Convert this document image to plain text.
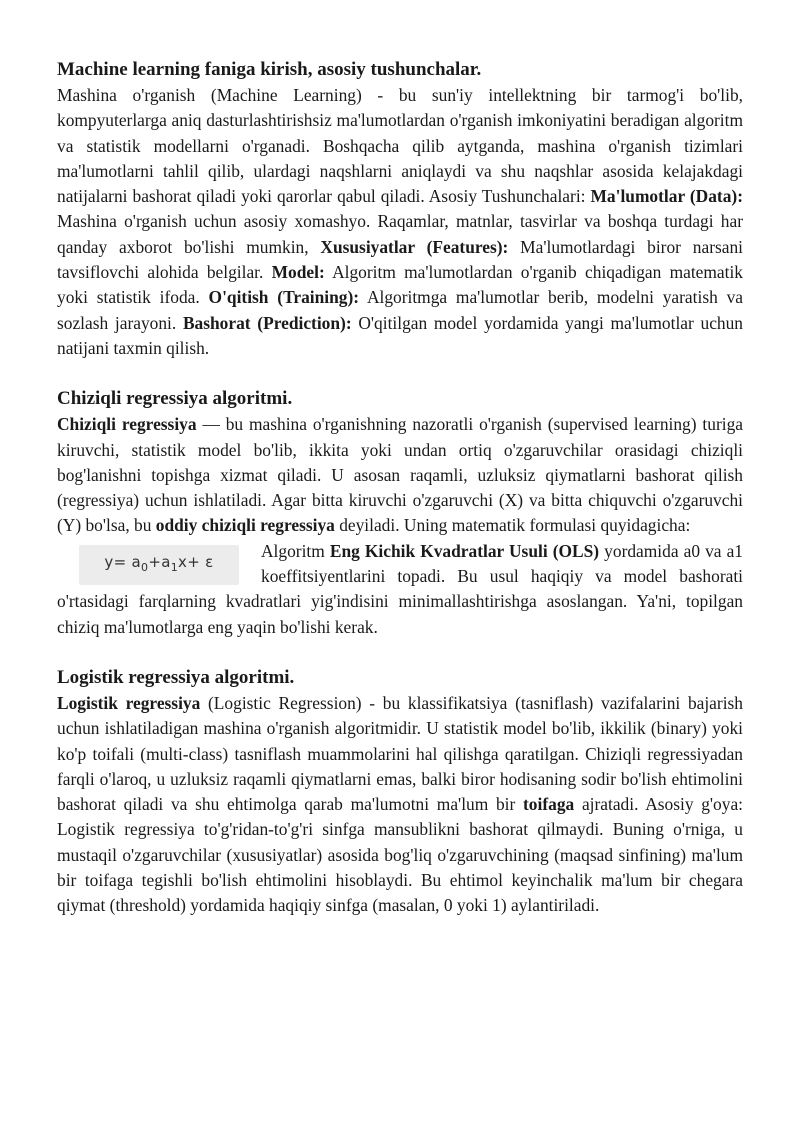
Machine learning faniga kirish, asosiy tushunchalar.

Mashina o'rganish (Machine Learning) - bu sun'iy intellektning bir tarmog'i bo'lib, kompyuterlarga aniq dasturlashtirishsiz ma'lumotlardan o'rganish imkoniyatini beradigan algoritm va statistik modellarni o'rganadi. Boshqacha qilib aytganda, mashina o'rganish tizimlari ma'lumotlarni tahlil qilib, ulardagi naqshlarni aniqlaydi va shu naqshlar asosida kelajakdagi natijalarni bashorat qiladi yoki qarorlar qabul qiladi. Asosiy Tushunchalari: Ma'lumotlar (Data): Mashina o'rganish uchun asosiy xomashyo. Raqamlar, matnlar, tasvirlar va boshqa turdagi har qanday axborot bo'lishi mumkin, Xususiyatlar (Features): Ma'lumotlardagi biror narsani tavsiflovchi alohida belgilar. Model: Algoritm ma'lumotlardan o'rganib chiqadigan matematik yoki statistik ifoda. O'qitish (Training): Algoritmga ma'lumotlar berib, modelni yaratish va sozlash jarayoni. Bashorat (Prediction): O'qitilgan model yordamida yangi ma'lumotlar uchun natijani taxmin qilish.

Chiziqli regressiya algoritmi.

Chiziqli regressiya — bu mashina o'rganishning nazoratli o'rganish (supervised learning) turiga kiruvchi, statistik model bo'lib, ikkita yoki undan ortiq o'zgaruvchilar orasidagi chiziqli bog'lanishni topishga xizmat qiladi. U asosan raqamli, uzluksiz qiymatlarni bashorat qilish (regressiya) uchun ishlatiladi. Agar bitta kiruvchi o'zgaruvchi (X) va bitta chiquvchi o'zgaruvchi (Y) bo'lsa, bu oddiy chiziqli regressiya deyiladi. Uning matematik formulasi quyidagicha:

$y= a_0+a_1x+ \varepsilon$
Algoritm Eng Kichik Kvadratlar Usuli (OLS) yordamida a0 va a1 koeffitsiyentlarini topadi. Bu usul haqiqiy va model bashorati o'rtasidagi farqlarning kvadratlari yig'indisini minimallashtirishga asoslangan. Ya'ni, topilgan chiziq ma'lumotlarga eng yaqin bo'lishi kerak.

Logistik regressiya algoritmi.

Logistik regressiya (Logistic Regression) - bu klassifikatsiya (tasniflash) vazifalarini bajarish uchun ishlatiladigan mashina o'rganish algoritmidir. U statistik model bo'lib, ikkilik (binary) yoki ko'p toifali (multi-class) tasniflash muammolarini hal qilishga qaratilgan. Chiziqli regressiyadan farqli o'laroq, u uzluksiz raqamli qiymatlarni emas, balki biror hodisaning sodir bo'lish ehtimolini bashorat qiladi va shu ehtimolga qarab ma'lumotni ma'lum bir toifaga ajratadi. Asosiy g'oya: Logistik regressiya to'g'ridan-to'g'ri sinfga mansublikni bashorat qilmaydi. Buning o'rniga, u mustaqil o'zgaruvchilar (xususiyatlar) asosida bog'liq o'zgaruvchining (maqsad sinfining) ma'lum bir toifaga tegishli bo'lish ehtimolini hisoblaydi. Bu ehtimol keyinchalik ma'lum bir chegara qiymat (threshold) yordamida haqiqiy sinfga (masalan, 0 yoki 1) aylantiriladi.
